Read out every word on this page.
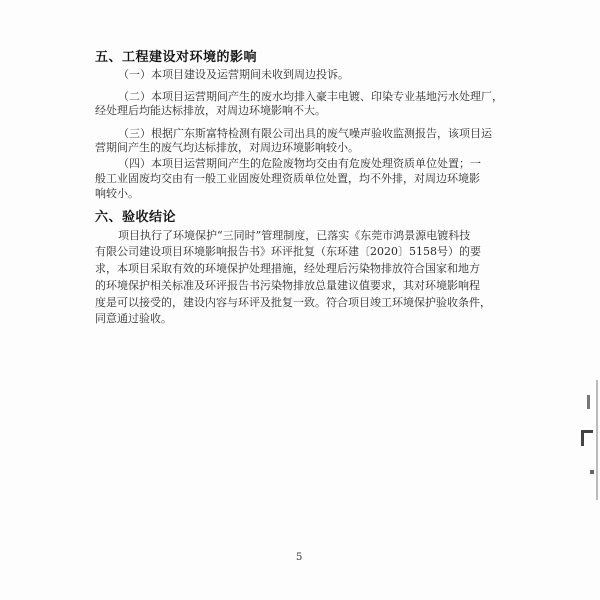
五、工程建设对环境的影响
（一）本项目建设及运营期间未收到周边投诉。
（二）本项目运营期间产生的废水均排入豪丰电镀、印染专业基地污水处理厂，
经处理后均能达标排放，对周边环境影响不大。
（三）根据广东斯富特检测有限公司出具的废气噪声验收监测报告，该项目运
营期间产生的废气均达标排放，对周边环境影响较小。
（四）本项目运营期间产生的危险废物均交由有危废处理资质单位处置；一
般工业固废均交由有一般工业固废处理资质单位处置，均不外排，对周边环境影
响较小。
六、验收结论
项目执行了环境保护“三同时”管理制度，已落实《东莞市鸿景源电镀科技
有限公司建设项目环境影响报告书》环评批复（东环建〔2020〕5158号）的要
求，本项目采取有效的环境保护处理措施，经处理后污染物排放符合国家和地方
的环境保护相关标准及环评报告书污染物排放总量建议值要求，其对环境影响程
度是可以接受的，建设内容与环评及批复一致。符合项目竣工环境保护验收条件，
同意通过验收。
5
